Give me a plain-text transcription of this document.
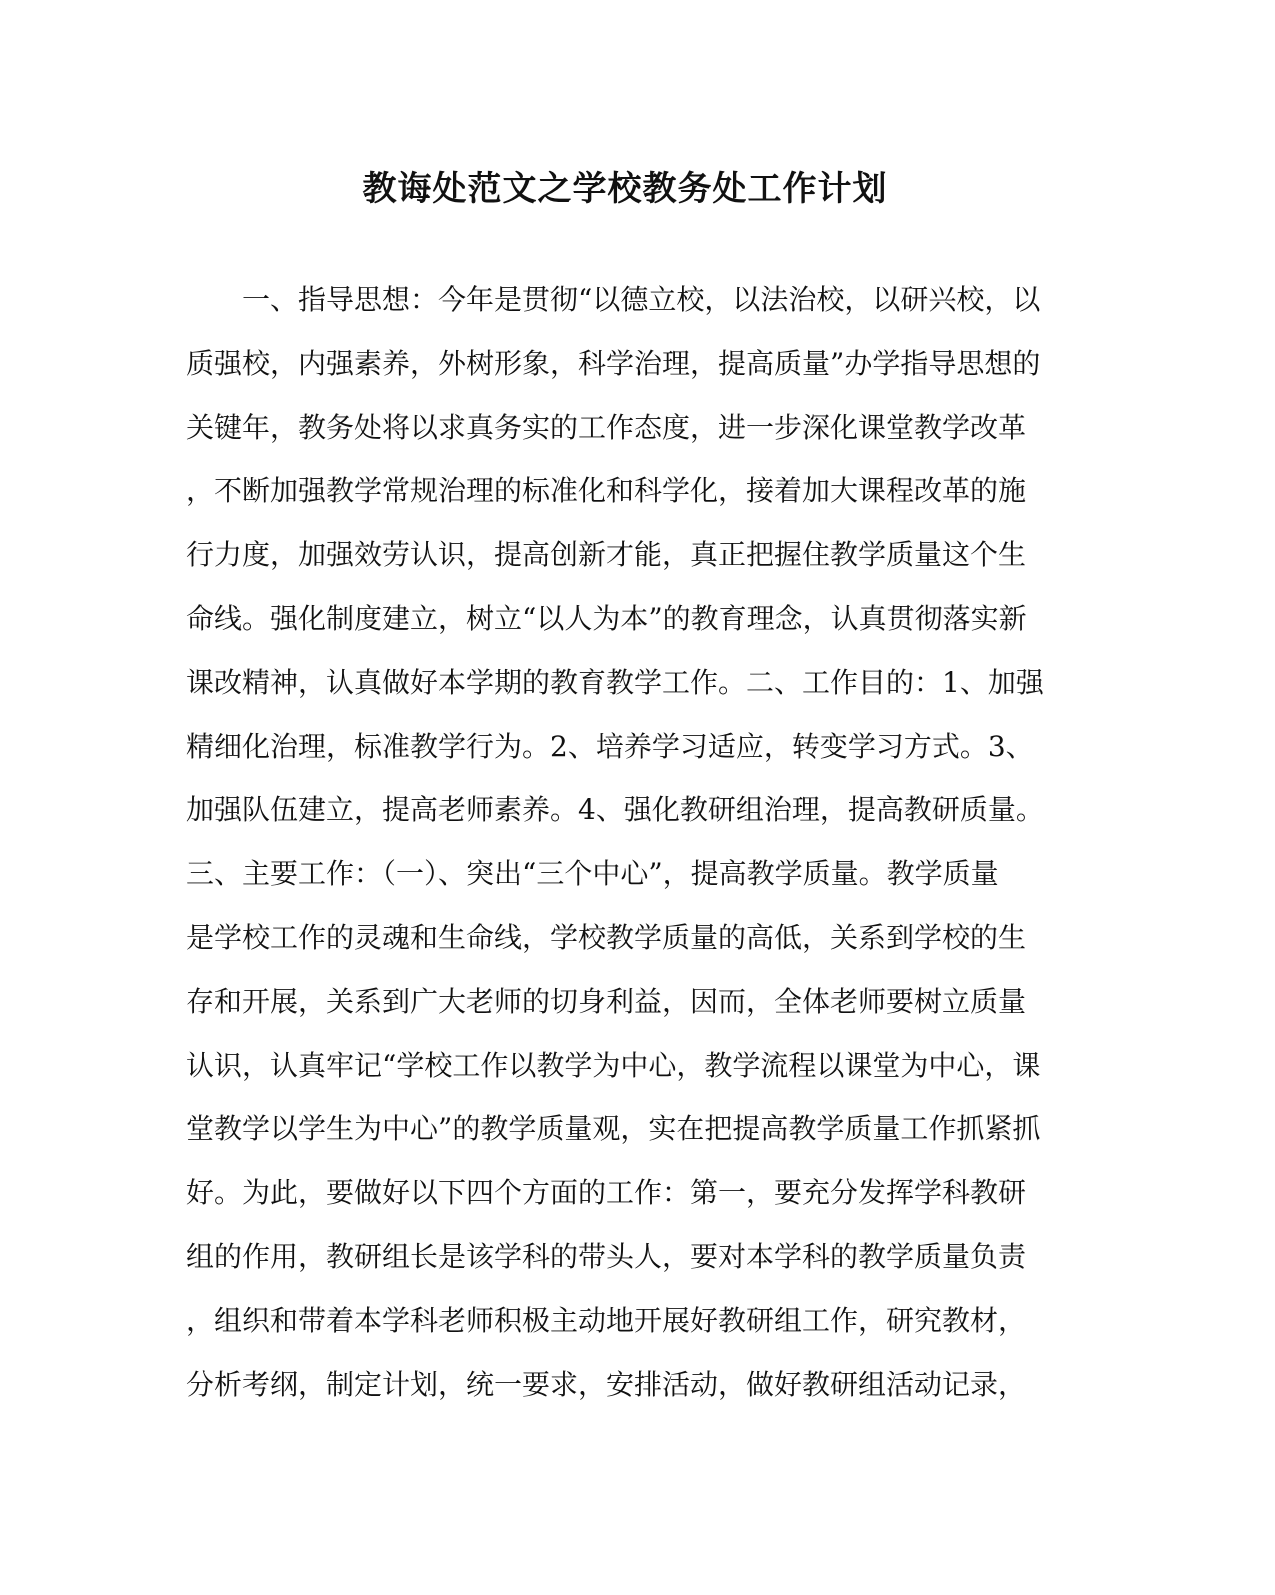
教诲处范文之学校教务处工作计划
　　一、指导思想：今年是贯彻“以德立校，以法治校，以研兴校，以
质强校，内强素养，外树形象，科学治理，提高质量”办学指导思想的
关键年，教务处将以求真务实的工作态度，进一步深化课堂教学改革
，不断加强教学常规治理的标准化和科学化，接着加大课程改革的施
行力度，加强效劳认识，提高创新才能，真正把握住教学质量这个生
命线。强化制度建立，树立“以人为本”的教育理念，认真贯彻落实新
课改精神，认真做好本学期的教育教学工作。二、工作目的：1、加强
精细化治理，标准教学行为。2、培养学习适应，转变学习方式。3、
加强队伍建立，提高老师素养。4、强化教研组治理，提高教研质量。
三、主要工作：（一）、突出“三个中心”，提高教学质量。教学质量
是学校工作的灵魂和生命线，学校教学质量的高低，关系到学校的生
存和开展，关系到广大老师的切身利益，因而，全体老师要树立质量
认识，认真牢记“学校工作以教学为中心，教学流程以课堂为中心，课
堂教学以学生为中心”的教学质量观，实在把提高教学质量工作抓紧抓
好。为此，要做好以下四个方面的工作：第一，要充分发挥学科教研
组的作用，教研组长是该学科的带头人，要对本学科的教学质量负责
，组织和带着本学科老师积极主动地开展好教研组工作，研究教材，
分析考纲，制定计划，统一要求，安排活动，做好教研组活动记录，
